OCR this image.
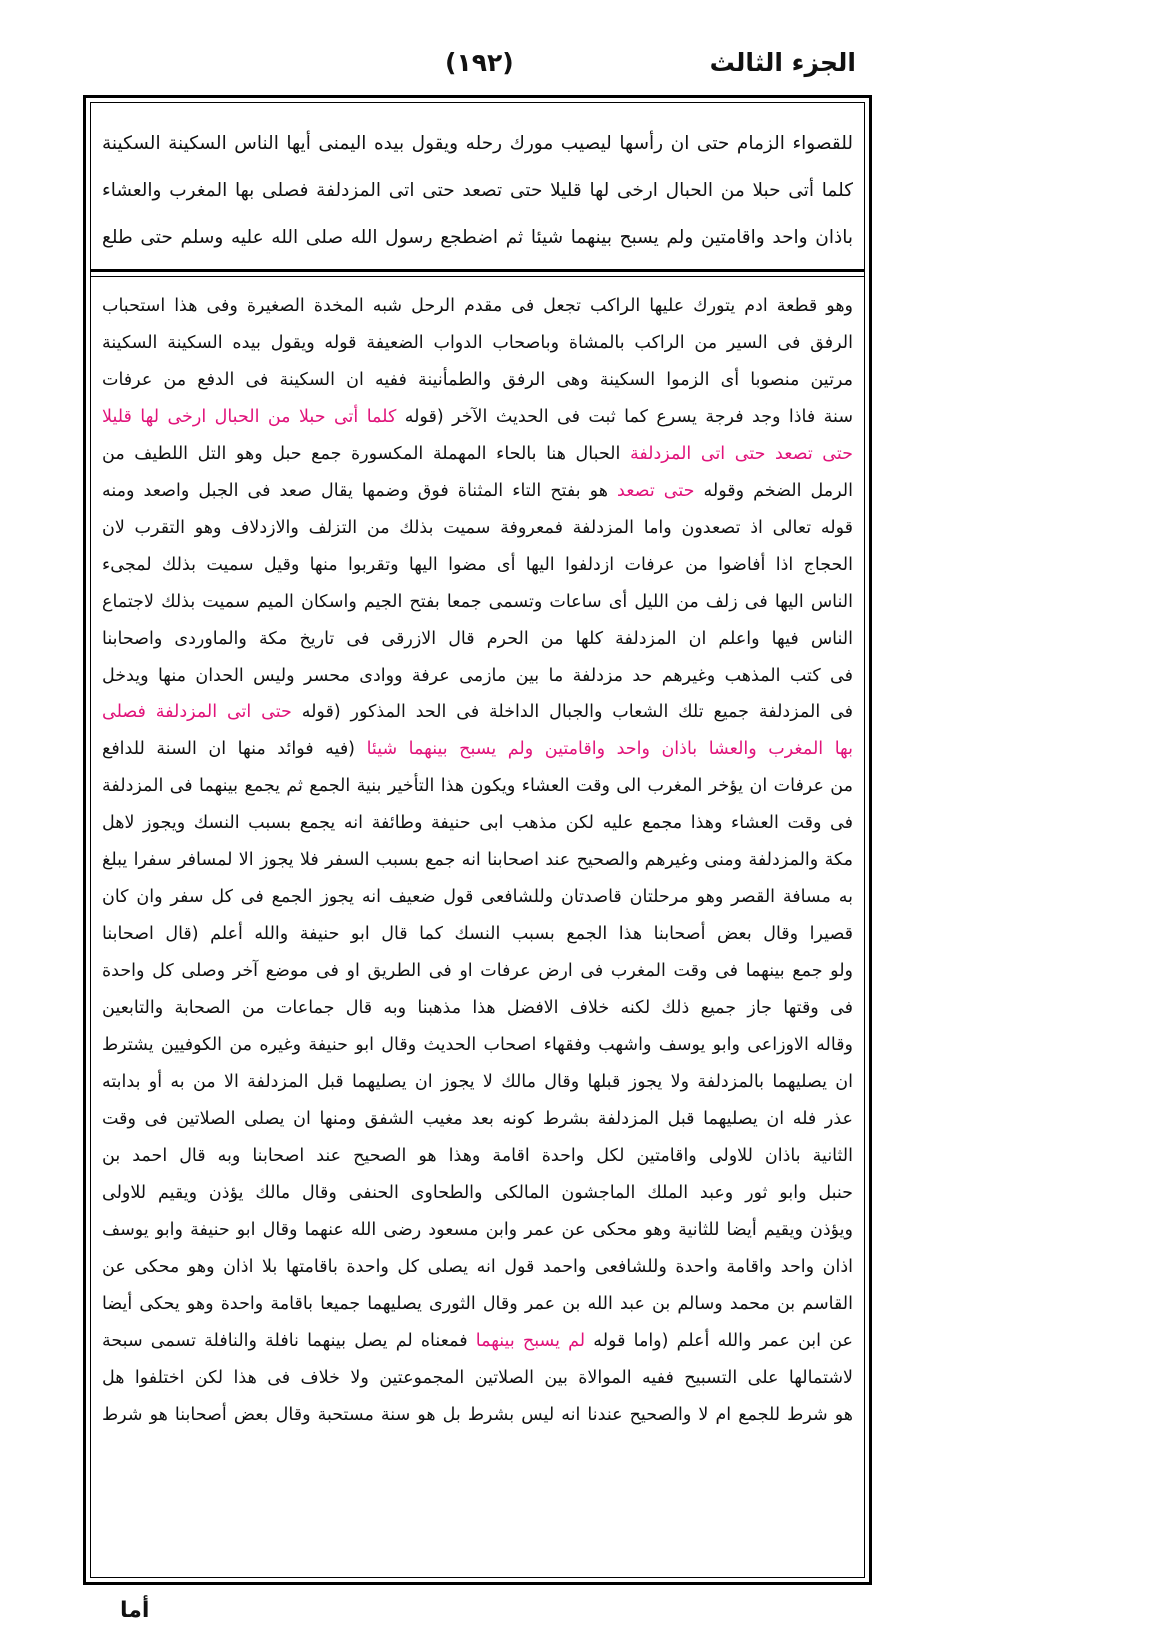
الجزء الثالث
(١٩٢)

للقصواء الزمام حتى ان رأسها ليصيب مورك رحله ويقول بيده اليمنى أيها الناس السكينة السكينة

كلما أتى حبلا من الحبال ارخى لها قليلا حتى تصعد حتى اتى المزدلفة فصلى بها المغرب والعشاء

باذان واحد واقامتين ولم يسبح بينهما شيئا ثم اضطجع رسول الله صلى الله عليه وسلم حتى طلع

وهو قطعة ادم يتورك عليها الراكب تجعل فى مقدم الرحل شبه المخدة الصغيرة وفى هذا استحباب

الرفق فى السير من الراكب بالمشاة وباصحاب الدواب الضعيفة قوله ويقول بيده السكينة السكينة

مرتين منصوبا أى الزموا السكينة وهى الرفق والطمأنينة ففيه ان السكينة فى الدفع من عرفات

سنة فاذا وجد فرجة يسرع كما ثبت فى الحديث الآخر (قوله كلما أتى حبلا من الحبال ارخى لها قليلا

حتى تصعد حتى اتى المزدلفة الحبال هنا بالحاء المهملة المكسورة جمع حبل وهو التل اللطيف من

الرمل الضخم وقوله حتى تصعد هو بفتح التاء المثناة فوق وضمها يقال صعد فى الجبل واصعد ومنه

قوله تعالى اذ تصعدون واما المزدلفة فمعروفة سميت بذلك من التزلف والازدلاف وهو التقرب لان

الحجاج اذا أفاضوا من عرفات ازدلفوا اليها أى مضوا اليها وتقربوا منها وقيل سميت بذلك لمجىء

الناس اليها فى زلف من الليل أى ساعات وتسمى جمعا بفتح الجيم واسكان الميم سميت بذلك لاجتماع

الناس فيها واعلم ان المزدلفة كلها من الحرم قال الازرقى فى تاريخ مكة والماوردى واصحابنا

فى كتب المذهب وغيرهم حد مزدلفة ما بين مازمى عرفة ووادى محسر وليس الحدان منها ويدخل

فى المزدلفة جميع تلك الشعاب والجبال الداخلة فى الحد المذكور (قوله حتى اتى المزدلفة فصلى

بها المغرب والعشا باذان واحد واقامتين ولم يسبح بينهما شيئا (فيه فوائد منها ان السنة للدافع

من عرفات ان يؤخر المغرب الى وقت العشاء ويكون هذا التأخير بنية الجمع ثم يجمع بينهما فى المزدلفة

فى وقت العشاء وهذا مجمع عليه لكن مذهب ابى حنيفة وطائفة انه يجمع بسبب النسك ويجوز لاهل

مكة والمزدلفة ومنى وغيرهم والصحيح عند اصحابنا انه جمع بسبب السفر فلا يجوز الا لمسافر سفرا يبلغ

به مسافة القصر وهو مرحلتان قاصدتان وللشافعى قول ضعيف انه يجوز الجمع فى كل سفر وان كان

قصيرا وقال بعض أصحابنا هذا الجمع بسبب النسك كما قال ابو حنيفة والله أعلم (قال اصحابنا

ولو جمع بينهما فى وقت المغرب فى ارض عرفات او فى الطريق او فى موضع آخر وصلى كل واحدة

فى وقتها جاز جميع ذلك لكنه خلاف الافضل هذا مذهبنا وبه قال جماعات من الصحابة والتابعين

وقاله الاوزاعى وابو يوسف واشهب وفقهاء اصحاب الحديث وقال ابو حنيفة وغيره من الكوفيين يشترط

ان يصليهما بالمزدلفة ولا يجوز قبلها وقال مالك لا يجوز ان يصليهما قبل المزدلفة الا من به أو بدابته

عذر فله ان يصليهما قبل المزدلفة بشرط كونه بعد مغيب الشفق ومنها ان يصلى الصلاتين فى وقت

الثانية باذان للاولى واقامتين لكل واحدة اقامة وهذا هو الصحيح عند اصحابنا وبه قال احمد بن

حنبل وابو ثور وعبد الملك الماجشون المالكى والطحاوى الحنفى وقال مالك يؤذن ويقيم للاولى

ويؤذن ويقيم أيضا للثانية وهو محكى عن عمر وابن مسعود رضى الله عنهما وقال ابو حنيفة وابو يوسف

اذان واحد واقامة واحدة وللشافعى واحمد قول انه يصلى كل واحدة باقامتها بلا اذان وهو محكى عن

القاسم بن محمد وسالم بن عبد الله بن عمر وقال الثورى يصليهما جميعا باقامة واحدة وهو يحكى أيضا

عن ابن عمر والله أعلم (واما قوله لم يسبح بينهما فمعناه لم يصل بينهما نافلة والنافلة تسمى سبحة

لاشتمالها على التسبيح ففيه الموالاة بين الصلاتين المجموعتين ولا خلاف فى هذا لكن اختلفوا هل

هو شرط للجمع ام لا والصحيح عندنا انه ليس بشرط بل هو سنة مستحبة وقال بعض أصحابنا هو شرط

أما
